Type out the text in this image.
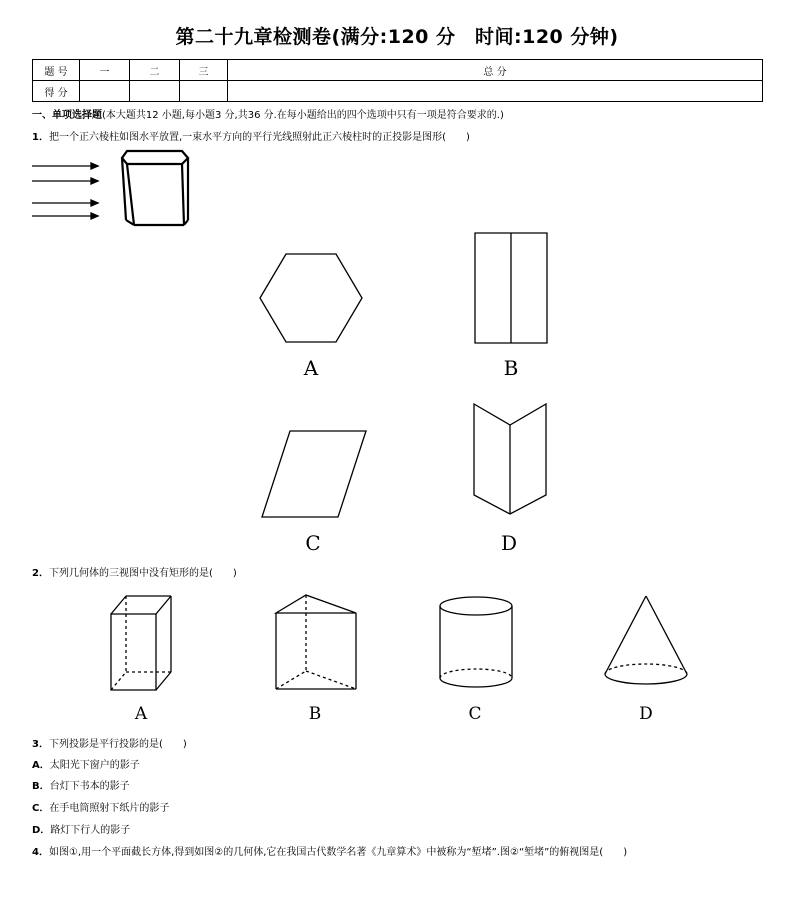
第二十九章检测卷(满分:120 分　时间:120 分钟)
题 号	一	二	三	总 分
得 分				
一、单项选择题(本大题共12 小题,每小题3 分,共36 分.在每小题给出的四个选项中只有一项是符合要求的.)
1．把一个正六棱柱如图水平放置,一束水平方向的平行光线照射此正六棱柱时的正投影是图形(　　)
A	B
C	D
2．下列几何体的三视图中没有矩形的是(　　)
A	B	C	D
3．下列投影是平行投影的是(　　)
A．太阳光下窗户的影子
B．台灯下书本的影子
C．在手电筒照射下纸片的影子
D．路灯下行人的影子
4．如图①,用一个平面截长方体,得到如图②的几何体,它在我国古代数学名著《九章算术》中被称为“堑堵”.图②“堑堵”的俯视图是(　　)
